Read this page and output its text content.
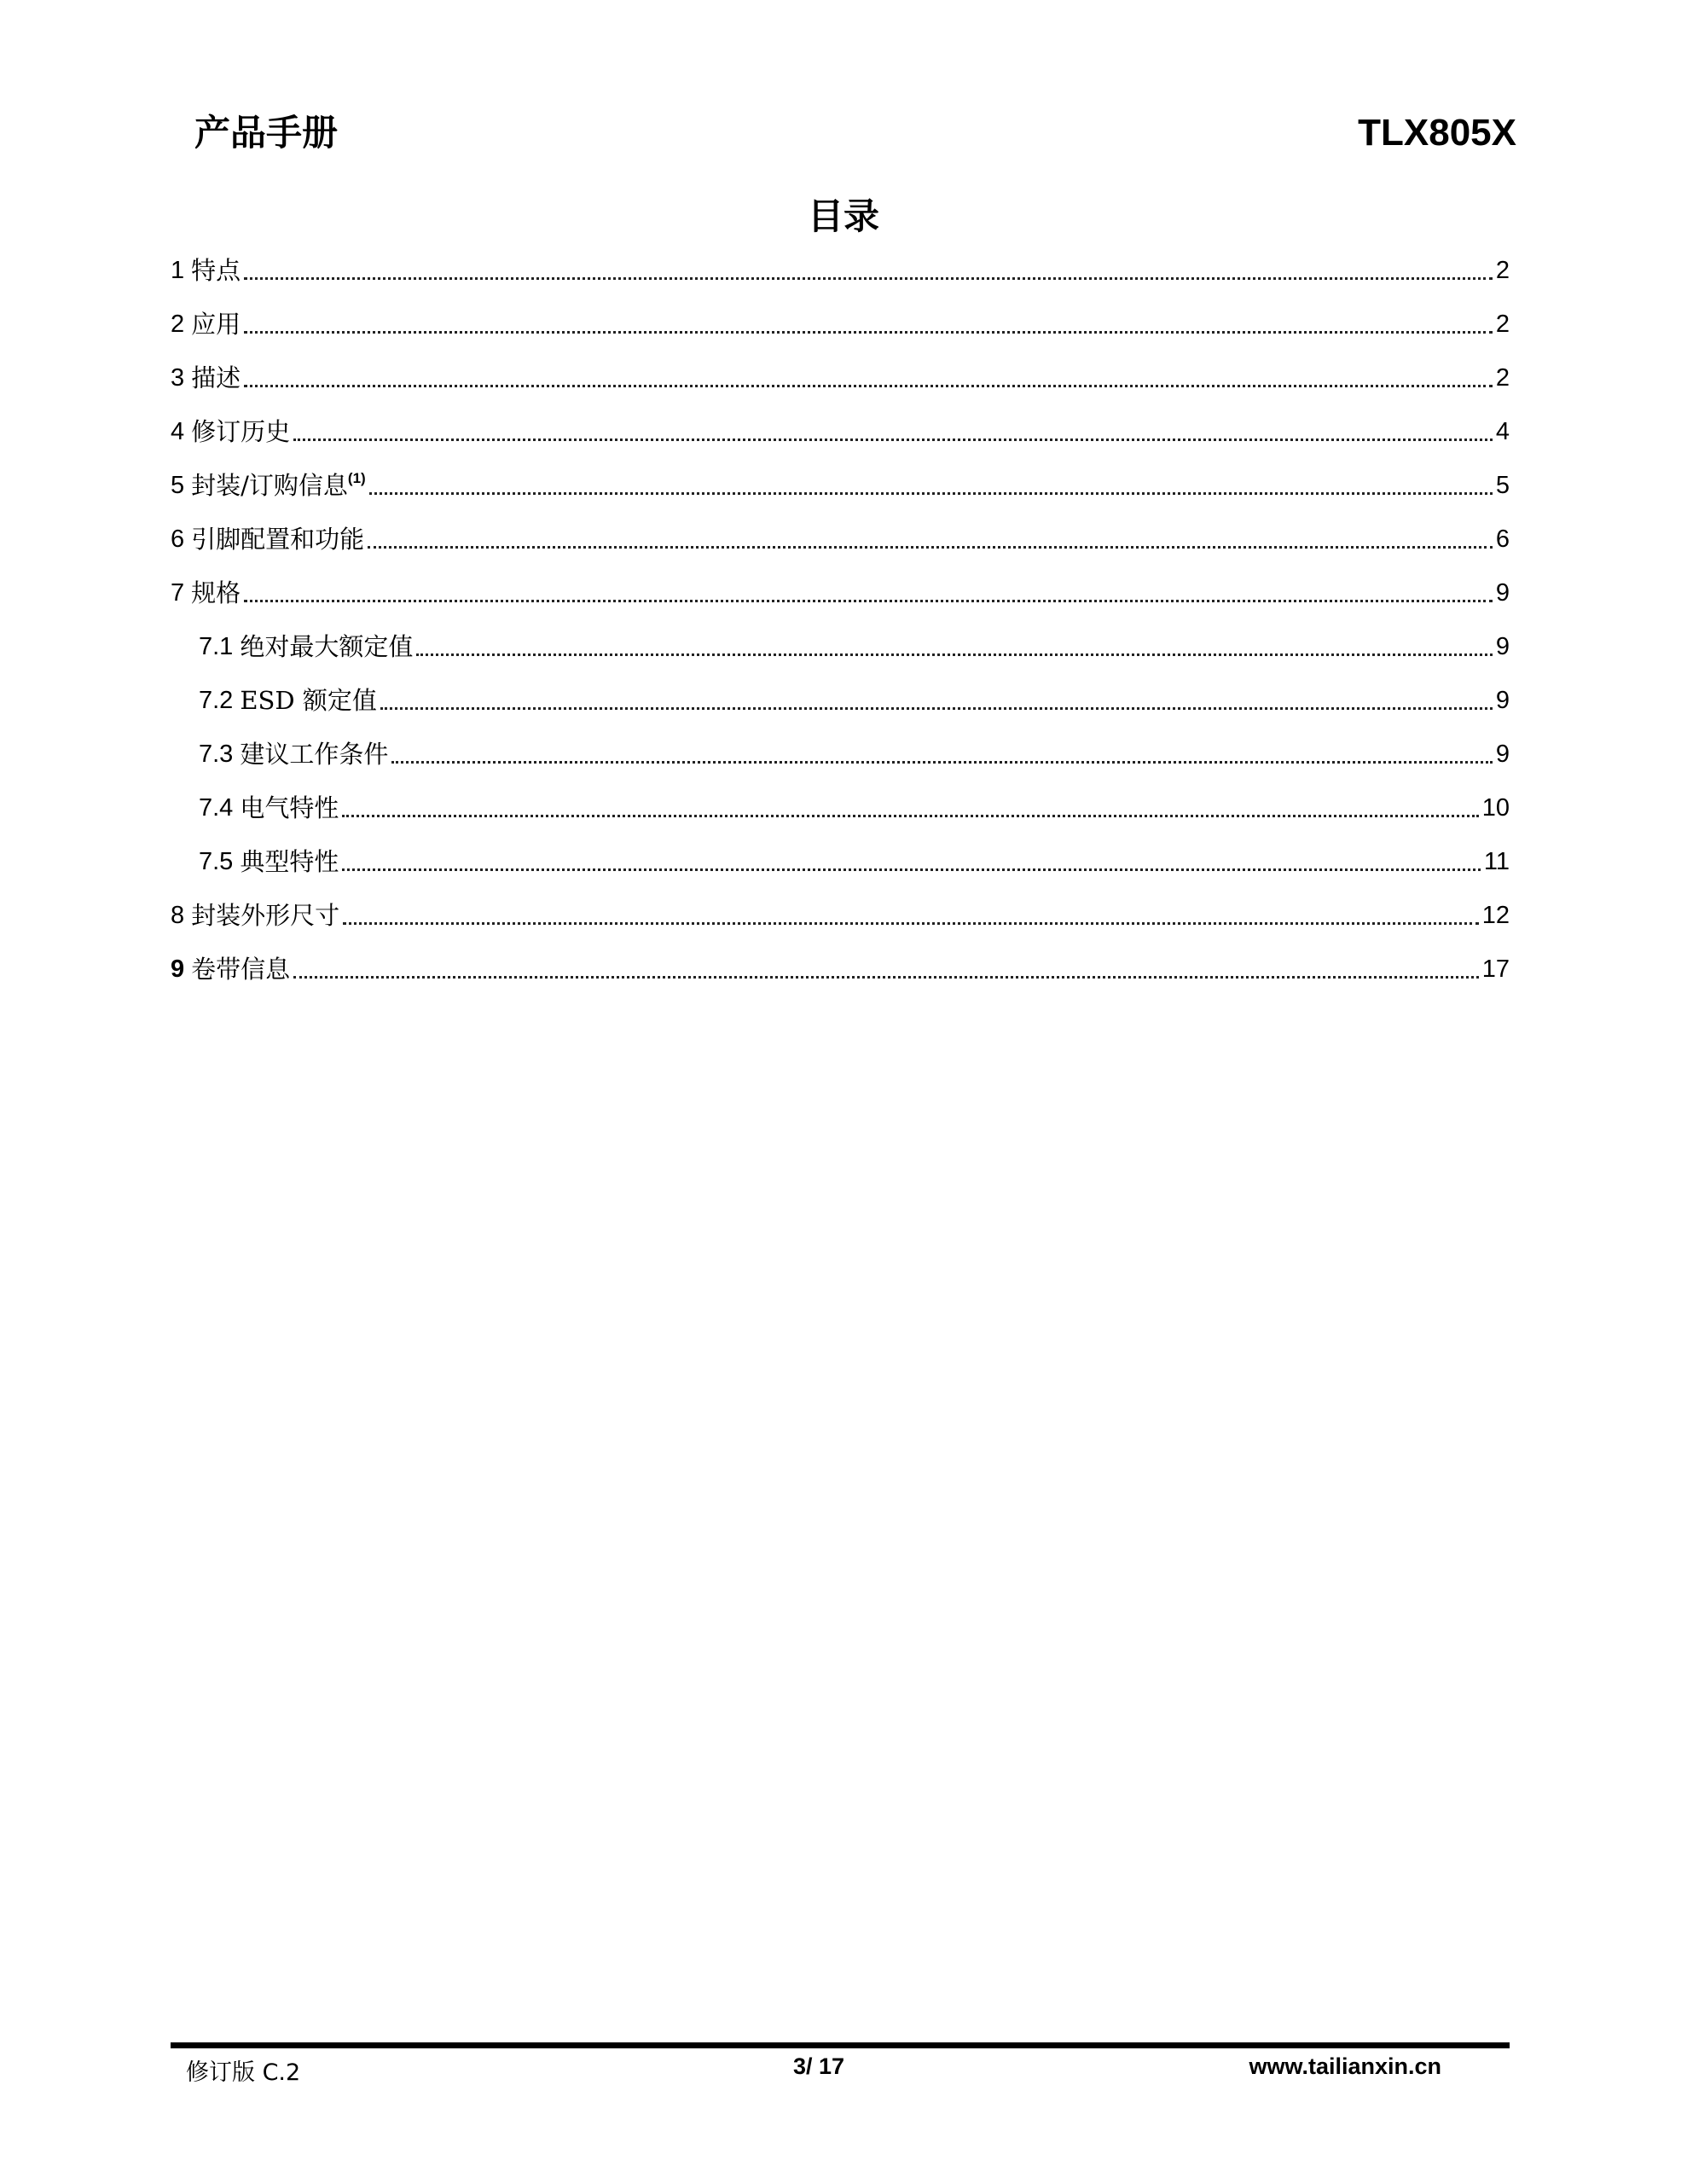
产品手册	TLX805X
目录
1 特点	2
2 应用	2
3 描述	2
4 修订历史	4
5 封装/订购信息$^{(1)}$	5
6 引脚配置和功能	6
7 规格	9
7.1 绝对最大额定值	9
7.2 ESD 额定值	9
7.3 建议工作条件	9
7.4 电气特性	10
7.5 典型特性	11
8 封装外形尺寸	12
9 卷带信息	17
修订版 C.2	3/ 17	www.tailianxin.cn
